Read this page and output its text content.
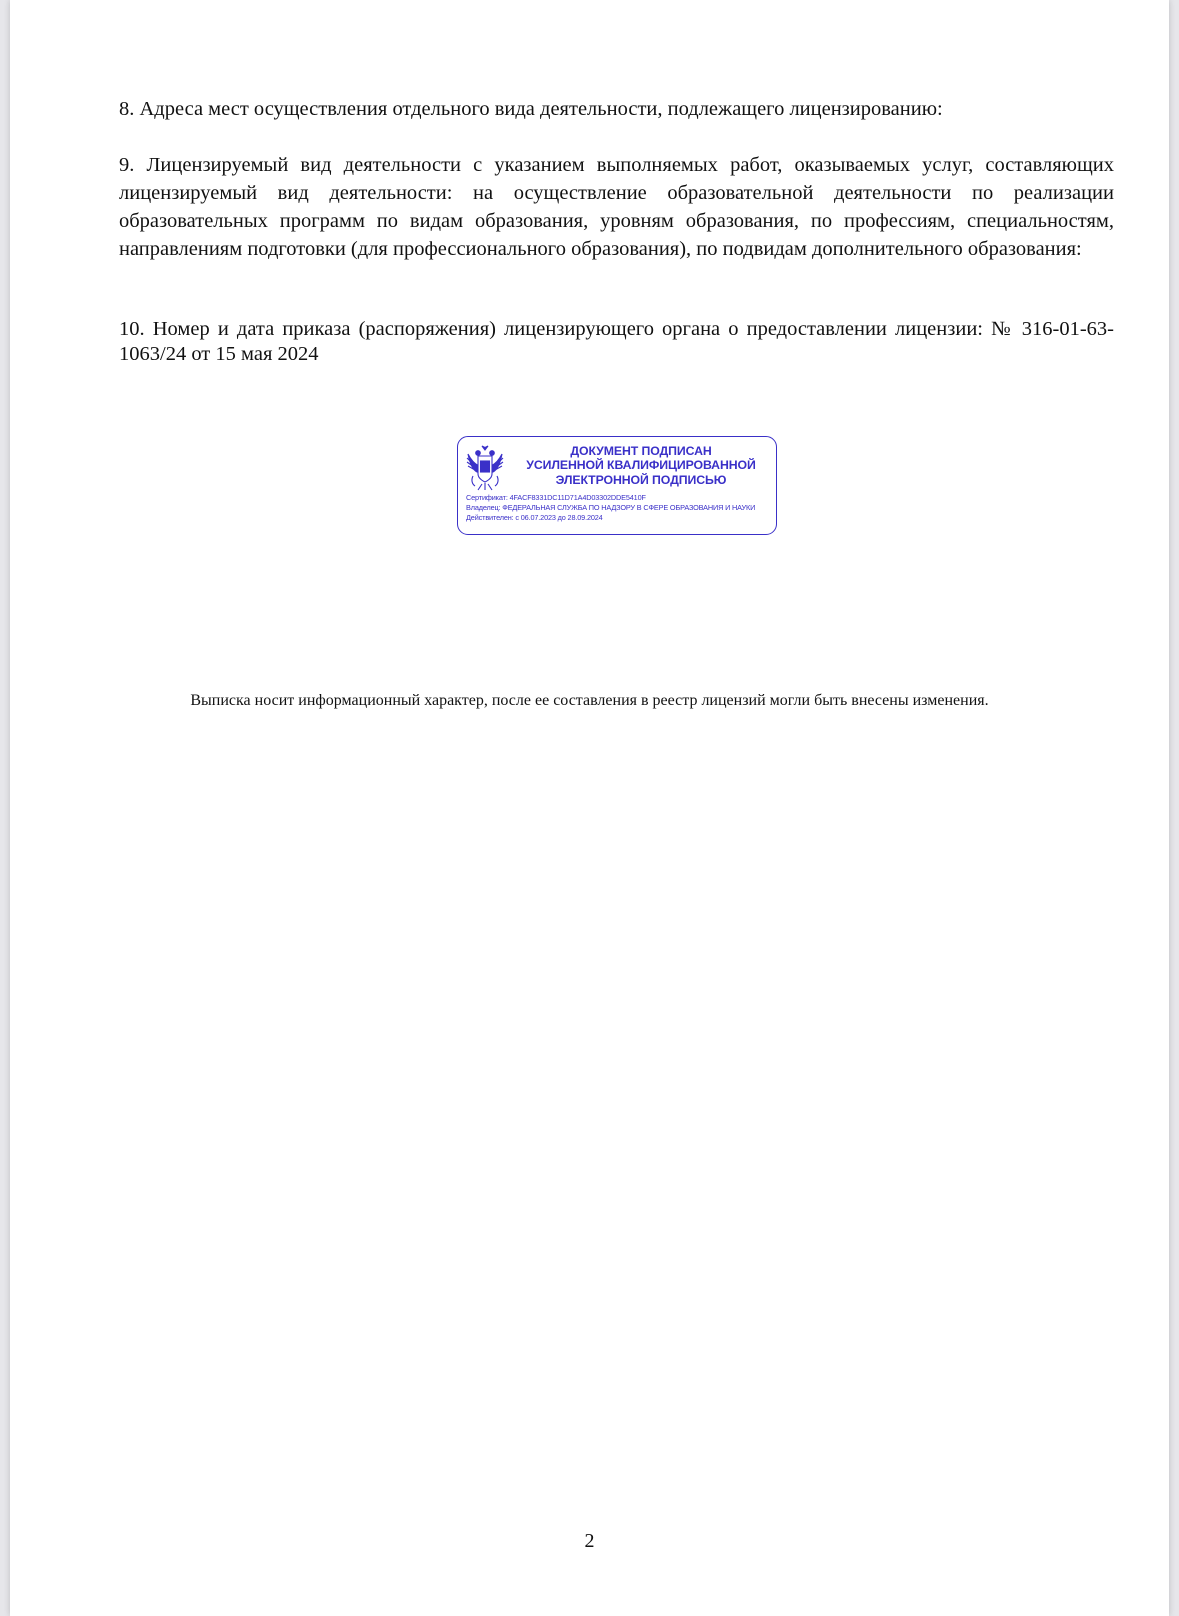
8. Адреса мест осуществления отдельного вида деятельности, подлежащего лицензированию:

9. Лицензируемый вид деятельности с указанием выполняемых работ, оказываемых услуг, составляющих лицензируемый вид деятельности: на осуществление образовательной деятельности по реализации образовательных программ по видам образования, уровням образования, по профессиям, специальностям, направлениям подготовки (для профессионального образования), по подвидам дополнительного образования:

10. Номер и дата приказа (распоряжения) лицензирующего органа о предоставлении лицензии: № 316-01-63-1063/24 от 15 мая 2024

ДОКУМЕНТ ПОДПИСАН
УСИЛЕННОЙ КВАЛИФИЦИРОВАННОЙ
ЭЛЕКТРОННОЙ ПОДПИСЬЮ
Сертификат: 4FACF8331DC11D71A4D03302DDE5410F
Владелец: ФЕДЕРАЛЬНАЯ СЛУЖБА ПО НАДЗОРУ В СФЕРЕ ОБРАЗОВАНИЯ И НАУКИ
Действителен: с 06.07.2023 до 28.09.2024
Выписка носит информационный характер, после ее составления в реестр лицензий могли быть внесены изменения.
2
